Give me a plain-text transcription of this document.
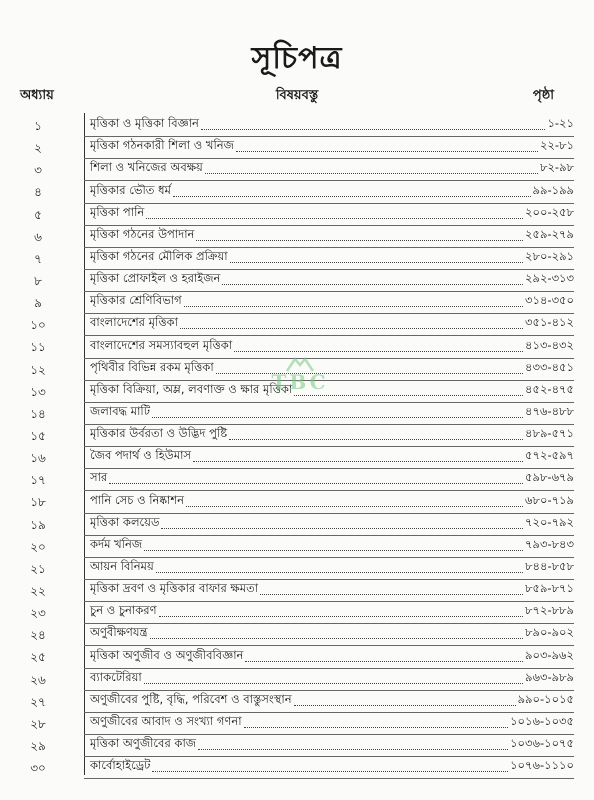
সূচিপত্র
অধ্যায়	বিষয়বস্তু	পৃষ্ঠা
১	মৃত্তিকা ও মৃত্তিকা বিজ্ঞান	১-২১
২	মৃত্তিকা গঠনকারী শিলা ও খনিজ	২২-৮১
৩	শিলা ও খনিজের অবক্ষয়	৮২-৯৮
৪	মৃত্তিকার ভৌত ধর্ম	৯৯-১৯৯
৫	মৃত্তিকা পানি	২০০-২৫৮
৬	মৃত্তিকা গঠনের উপাদান	২৫৯-২৭৯
৭	মৃত্তিকা গঠনের মৌলিক প্রক্রিয়া	২৮০-২৯১
৮	মৃত্তিকা প্রোফাইল ও হরাইজন	২৯২-৩১৩
৯	মৃত্তিকার শ্রেণিবিভাগ	৩১৪-৩৫০
১০	বাংলাদেশের মৃত্তিকা	৩৫১-৪১২
১১	বাংলাদেশের সমস্যাবহুল মৃত্তিকা	৪১৩-৪৩২
১২	পৃথিবীর বিভিন্ন রকম মৃত্তিকা	৪৩৩-৪৫১
১৩	মৃত্তিকা বিক্রিয়া, অম্ল, লবণাক্ত ও ক্ষার মৃত্তিকা	৪৫২-৪৭৫
১৪	জলাবদ্ধ মাটি	৪৭৬-৪৮৮
১৫	মৃত্তিকার উর্বরতা ও উদ্ভিদ পুষ্টি	৪৮৯-৫৭১
১৬	জৈব পদার্থ ও হিউমাস	৫৭২-৫৯৭
১৭	সার	৫৯৮-৬৭৯
১৮	পানি সেচ ও নিষ্কাশন	৬৮০-৭১৯
১৯	মৃত্তিকা কলয়েড	৭২০-৭৯২
২০	কর্দম খনিজ	৭৯৩-৮৪৩
২১	আয়ন বিনিময়	৮৪৪-৮৫৮
২২	মৃত্তিকা দ্রবণ ও মৃত্তিকার বাফার ক্ষমতা	৮৫৯-৮৭১
২৩	চুন ও চুনাকরণ	৮৭২-৮৮৯
২৪	অণুবীক্ষণযন্ত্র	৮৯০-৯০২
২৫	মৃত্তিকা অণুজীব ও অণুজীববিজ্ঞান	৯০৩-৯৬২
২৬	ব্যাকটেরিয়া	৯৬৩-৯৮৯
২৭	অণুজীবের পুষ্টি, বৃদ্ধি, পরিবেশ ও বাস্তুসংস্থান	৯৯০-১০১৫
২৮	অণুজীবের আবাদ ও সংখ্যা গণনা	১০১৬-১০৩৫
২৯	মৃত্তিকা অণুজীবের কাজ	১০৩৬-১০৭৫
৩০	কার্বোহাইড্রেট	১০৭৬-১১১০
TBC
